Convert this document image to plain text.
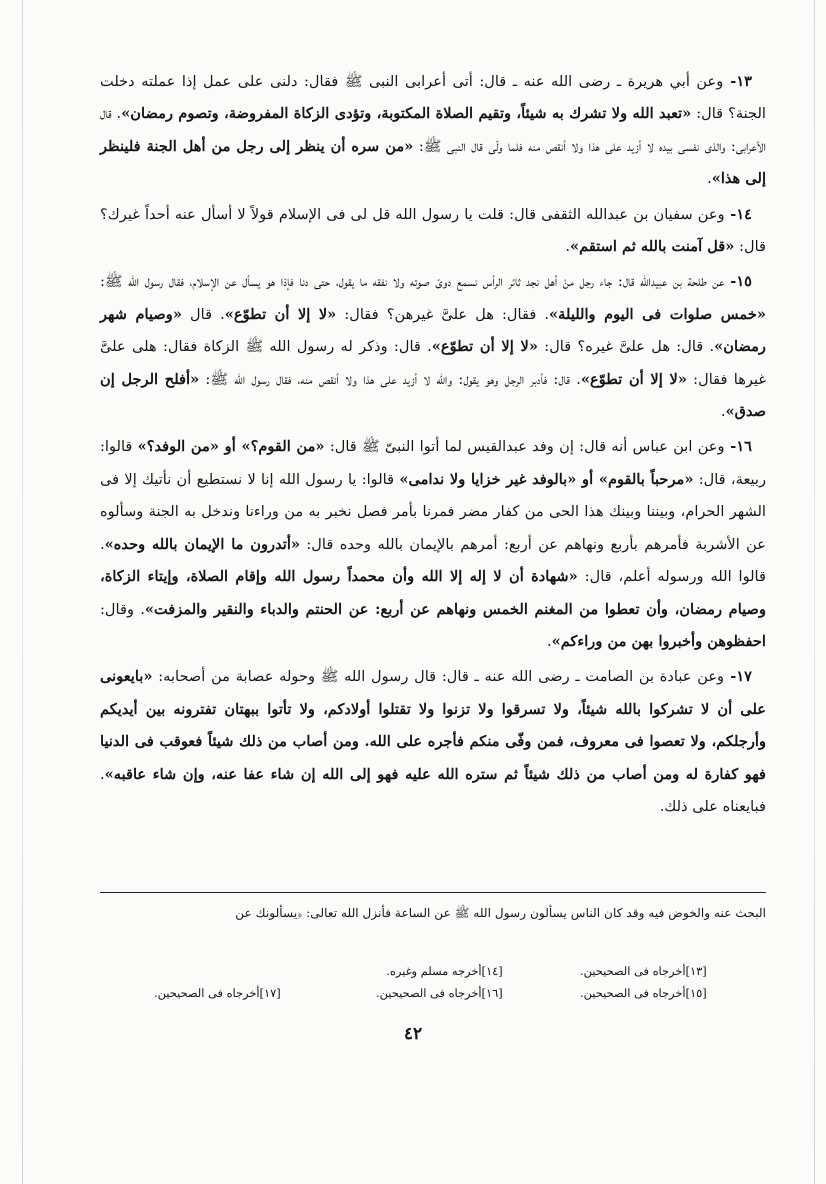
١٣- وعن أبي هريرة ـ رضى الله عنه ـ قال: أتى أعرابى النبى ﷺ فقال: دلنى على عمل إذا عملته دخلت الجنة؟ قال: «تعبد الله ولا تشرك به شيئاً، وتقيم الصلاة المكتوبة، وتؤدى الزكاة المفروضة، وتصوم رمضان». قال الأعرابى: والذى نفسى بيده لا أزيد على هذا ولا أنقص منه فلما ولّى قال النبى ﷺ: «من سره أن ينظر إلى رجل من أهل الجنة فلينظر إلى هذا».

١٤- وعن سفيان بن عبدالله الثقفى قال: قلت يا رسول الله قل لى فى الإسلام قولاً لا أسأل عنه أحداً غيرك؟ قال: «قل آمنت بالله ثم استقم».

١٥- عن طلحة بن عبيدالله قال: جاء رجل منْ أهل نجد ثائر الرأس نسمع دوىّ صوته ولا نفقه ما يقول، حتى دنا فإذا هو يسأل عن الإسلام، فقال رسول الله ﷺ: «خمس صلوات فى اليوم والليلة». فقال: هل علىَّ غيرهن؟ فقال: «لا إلا أن تطوّع». قال «وصيام شهر رمضان». قال: هل علىَّ غيره؟ قال: «لا إلا أن تطوّع». قال: وذكر له رسول الله ﷺ الزكاة فقال: هلى علىَّ غيرها فقال: «لا إلا أن تطوّع». قال: فأدبر الرجل وهو يقول: والله لا أزيد على هذا ولا أنقص منه، فقال رسول الله ﷺ: «أفلح الرجل إن صدق».

١٦- وعن ابن عباس أنه قال: إن وفد عبدالقيس لما أتوا النبىّ ﷺ قال: «من القوم؟» أو «من الوفد؟» قالوا: ربيعة، قال: «مرحباً بالقوم» أو «بالوفد غير خزايا ولا ندامى» قالوا: يا رسول الله إنا لا نستطيع أن نأتيك إلا فى الشهر الحرام، وبيننا وبينك هذا الحى من كفار مضر فمرنا بأمر فصل نخبر به من وراءنا وندخل به الجنة وسألوه عن الأشربة فأمرهم بأربع ونهاهم عن أربع: أمرهم بالإيمان بالله وحده قال: «أتدرون ما الإيمان بالله وحده». قالوا الله ورسوله أعلم، قال: «شهادة أن لا إله إلا الله وأن محمداً رسول الله وإقام الصلاة، وإيتاء الزكاة، وصيام رمضان، وأن تعطوا من المغنم الخمس ونهاهم عن أربع: عن الحنتم والدباء والنقير والمزفت». وقال: احفظوهن وأخبروا بهن من وراءكم».

١٧- وعن عبادة بن الصامت ـ رضى الله عنه ـ قال: قال رسول الله ﷺ وحوله عصابة من أصحابه: «بايعونى على أن لا تشركوا بالله شيئاً، ولا تسرقوا ولا تزنوا ولا تقتلوا أولادكم، ولا تأتوا ببهتان تفترونه بين أيديكم وأرجلكم، ولا تعصوا فى معروف، فمن وفّى منكم فأجره على الله. ومن أصاب من ذلك شيئاً فعوقب فى الدنيا فهو كفارة له ومن أصاب من ذلك شيئاً ثم ستره الله عليه فهو إلى الله إن شاء عفا عنه، وإن شاء عاقبه». فبايعناه على ذلك.

البحث عنه والخوض فيه وقد كان الناس يسألون رسول الله ﷺ عن الساعة فأنزل الله تعالى: ﴿يسألونك عن
[١٣]أخرجاه فى الصحيحين.
[١٥]أخرجاه فى الصحيحين.
[١٤]أخرجه مسلم وغيره.
[١٦]أخرجاه فى الصحيحين.
[١٧]أخرجاه فى الصحيحين.
٤٢
